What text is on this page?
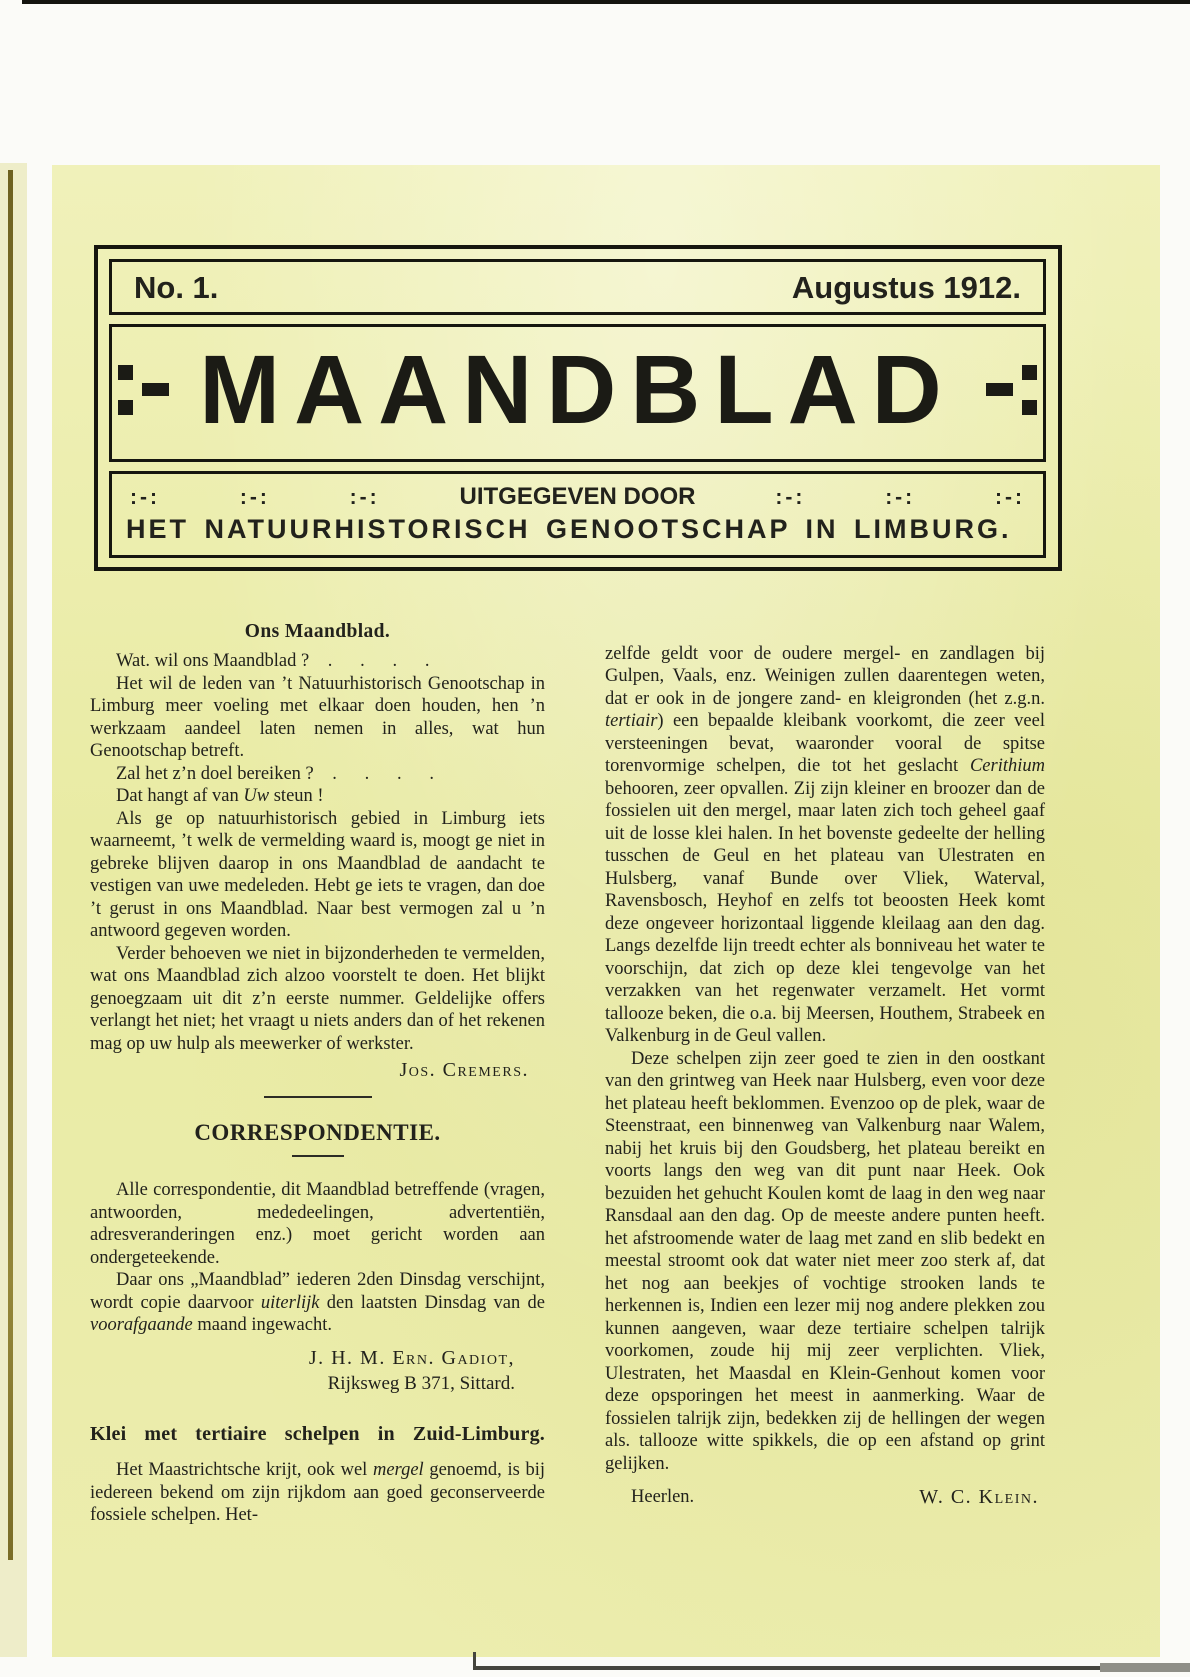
No. 1.	Augustus 1912.
MAANDBLAD
:-:	:-:	:-:	UITGEGEVEN DOOR	:-:	:-:	:-:
HET NATUURHISTORISCH GENOOTSCHAP IN LIMBURG.
Ons Maandblad.

Wat. wil ons Maandblad ?  .   .   .   .

Het wil de leden van ’t Natuurhistorisch Genootschap in Limburg meer voeling met elkaar doen houden, hen ’n werkzaam aandeel laten nemen in alles, wat hun Genootschap betreft.

Zal het z’n doel bereiken ?  .   .   .   .

Dat hangt af van Uw steun !

Als ge op natuurhistorisch gebied in Limburg iets waarneemt, ’t welk de vermelding waard is, moogt ge niet in gebreke blijven daarop in ons Maandblad de aandacht te vestigen van uwe medeleden. Hebt ge iets te vragen, dan doe ’t gerust in ons Maandblad. Naar best vermogen zal u ’n antwoord gegeven worden.

Verder behoeven we niet in bijzonderheden te vermelden, wat ons Maandblad zich alzoo voorstelt te doen. Het blijkt genoegzaam uit dit z’n eerste nummer. Geldelijke offers verlangt het niet; het vraagt u niets anders dan of het rekenen mag op uw hulp als meewerker of werkster.

Jos. Cremers.
CORRESPONDENTIE.

Alle correspondentie, dit Maandblad betreffende (vragen, antwoorden, mededeelingen, advertentiën, adresveranderingen enz.) moet gericht worden aan ondergeteekende.

Daar ons „Maandblad” iederen 2den Dinsdag verschijnt, wordt copie daarvoor uiterlijk den laatsten Dinsdag van de voorafgaande maand ingewacht.

J. H. M. Ern. Gadiot,
Rijksweg B 371, Sittard.
Klei met tertiaire schelpen in Zuid-Limburg.

Het Maastrichtsche krijt, ook wel mergel genoemd, is bij iedereen bekend om zijn rijkdom aan goed geconserveerde fossiele schelpen. Het-

zelfde geldt voor de oudere mergel- en zandlagen bij Gulpen, Vaals, enz. Weinigen zullen daarentegen weten, dat er ook in de jongere zand- en kleigronden (het z.g.n. tertiair) een bepaalde kleibank voorkomt, die zeer veel versteeningen bevat, waaronder vooral de spitse torenvormige schelpen, die tot het geslacht Cerithium behooren, zeer opvallen. Zij zijn kleiner en broozer dan de fossielen uit den mergel, maar laten zich toch geheel gaaf uit de losse klei halen. In het bovenste gedeelte der helling tusschen de Geul en het plateau van Ulestraten en Hulsberg, vanaf Bunde over Vliek, Waterval, Ravensbosch, Heyhof en zelfs tot beoosten Heek komt deze ongeveer horizontaal liggende kleilaag aan den dag. Langs dezelfde lijn treedt echter als bonniveau het water te voorschijn, dat zich op deze klei tengevolge van het verzakken van het regenwater verzamelt. Het vormt tallooze beken, die o.a. bij Meersen, Houthem, Strabeek en Valkenburg in de Geul vallen.

Deze schelpen zijn zeer goed te zien in den oostkant van den grintweg van Heek naar Hulsberg, even voor deze het plateau heeft beklommen. Evenzoo op de plek, waar de Steenstraat, een binnenweg van Valkenburg naar Walem, nabij het kruis bij den Goudsberg, het plateau bereikt en voorts langs den weg van dit punt naar Heek. Ook bezuiden het gehucht Koulen komt de laag in den weg naar Ransdaal aan den dag. Op de meeste andere punten heeft. het afstroomende water de laag met zand en slib bedekt en meestal stroomt ook dat water niet meer zoo sterk af, dat het nog aan beekjes of vochtige strooken lands te herkennen is, Indien een lezer mij nog andere plekken zou kunnen aangeven, waar deze tertiaire schelpen talrijk voorkomen, zoude hij mij zeer verplichten. Vliek, Ulestraten, het Maasdal en Klein-Genhout komen voor deze opsporingen het meest in aanmerking. Waar de fossielen talrijk zijn, bedekken zij de hellingen der wegen als. tallooze witte spikkels, die op een afstand op grint gelijken.

Heerlen.	W. C. Klein.
